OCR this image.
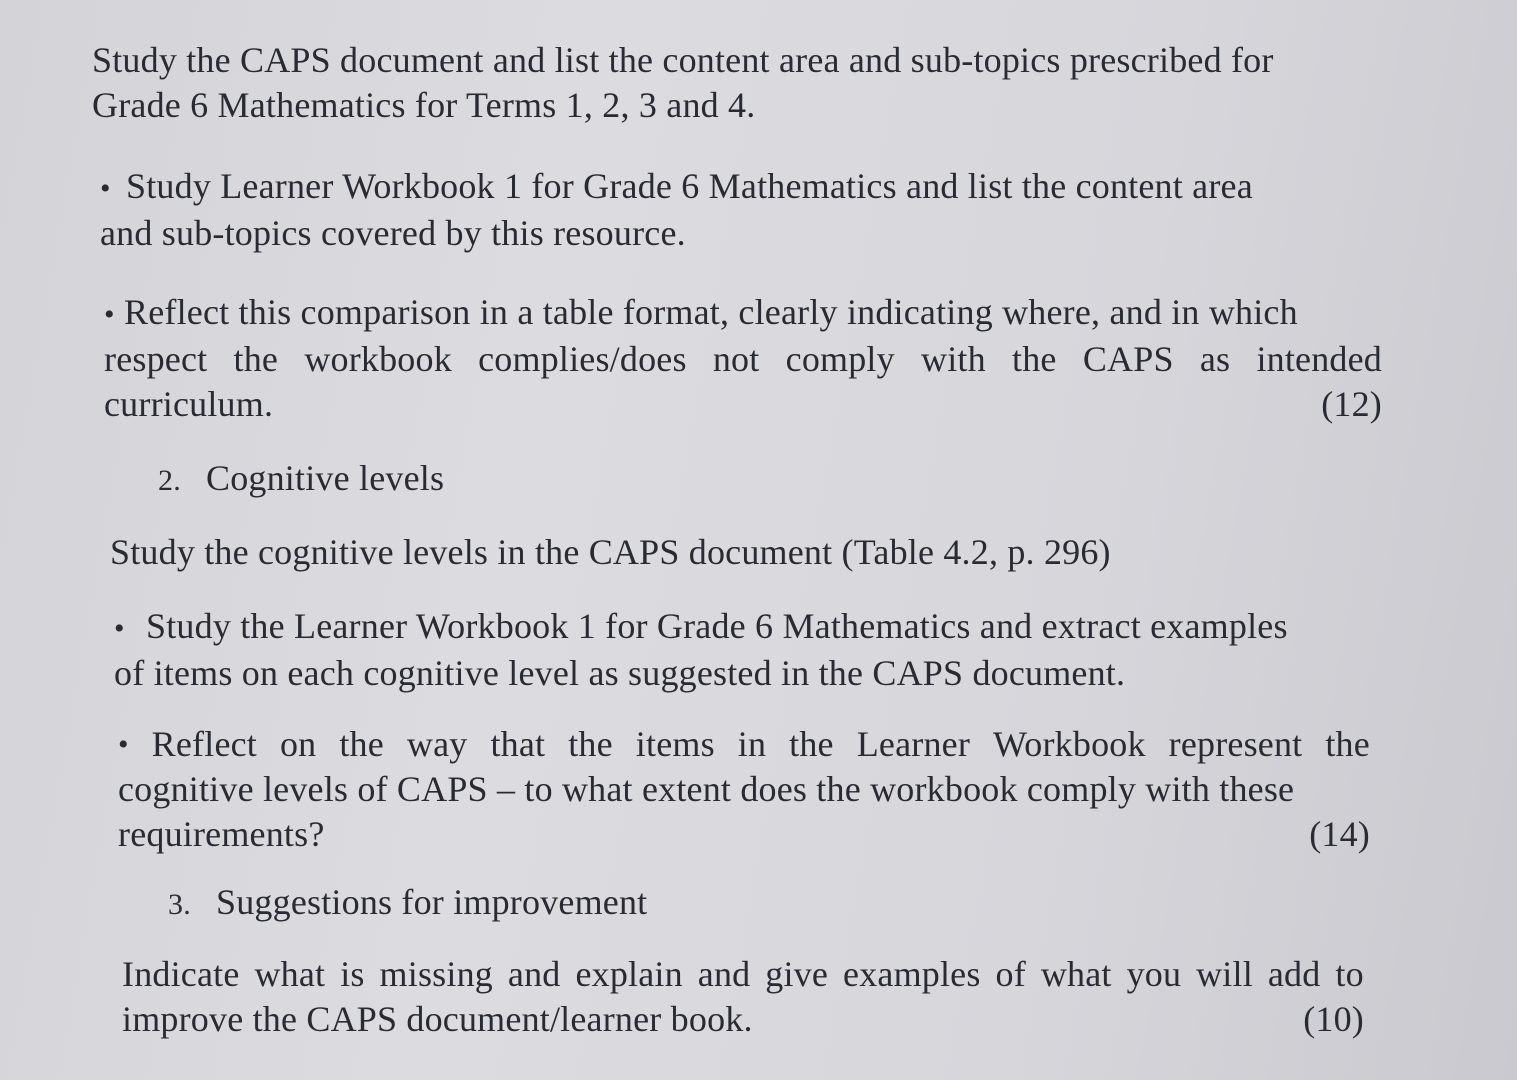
Study the CAPS document and list the content area and sub-topics prescribed for
Grade 6 Mathematics for Terms 1, 2, 3 and 4.
• Study Learner Workbook 1 for Grade 6 Mathematics and list the content area
and sub-topics covered by this resource.
• Reflect this comparison in a table format, clearly indicating where, and in which
respect the workbook complies/does not comply with the CAPS as intended
curriculum.	(12)
2. Cognitive levels
Study the cognitive levels in the CAPS document (Table 4.2, p. 296)
• Study the Learner Workbook 1 for Grade 6 Mathematics and extract examples
of items on each cognitive level as suggested in the CAPS document.
• Reflect on the way that the items in the Learner Workbook represent the
cognitive levels of CAPS – to what extent does the workbook comply with these
requirements?	(14)
3. Suggestions for improvement
Indicate what is missing and explain and give examples of what you will add to
improve the CAPS document/learner book.	(10)
